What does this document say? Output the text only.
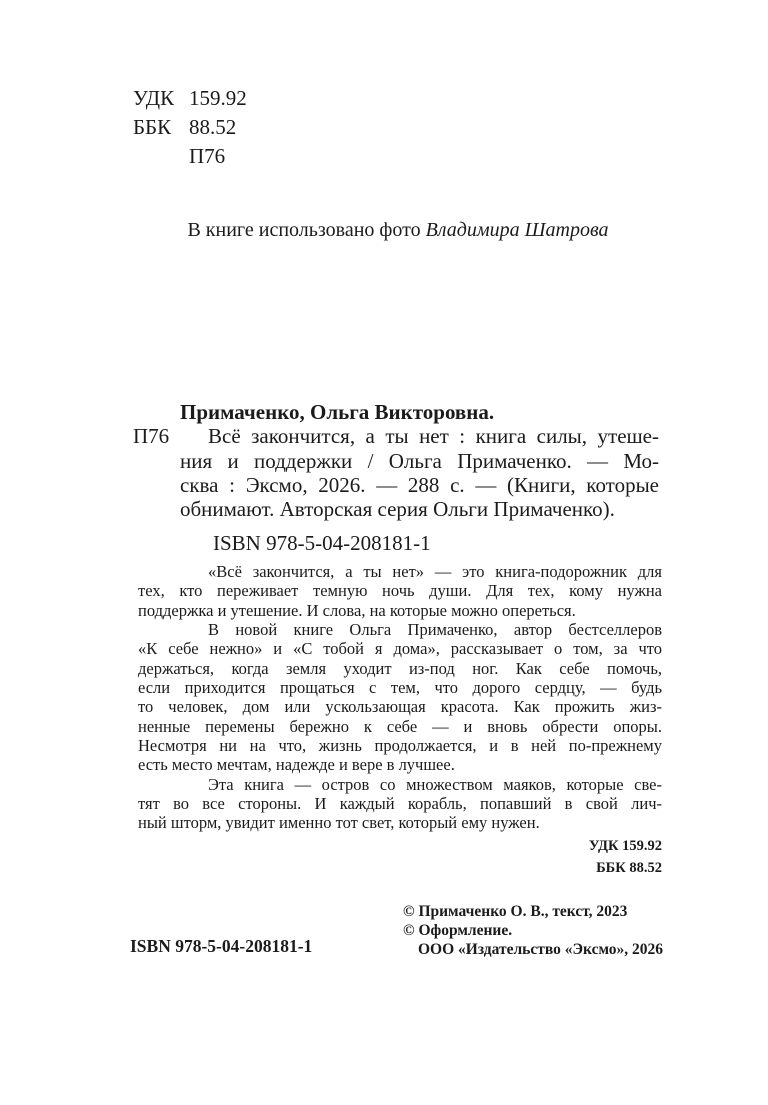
УДК 159.92
ББК 88.52
П76
В книге использовано фото Владимира Шатрова
Примаченко, Ольга Викторовна.
П76	Всё закончится, а ты нет : книга силы, утеше-
ния и поддержки / Ольга Примаченко. — Мо-
сква : Эксмо, 2026. — 288 с. — (Книги, которые
обнимают. Авторская серия Ольги Примаченко).
ISBN 978-5-04-208181-1
«Всё закончится, а ты нет» — это книга-подорожник для
тех, кто переживает темную ночь души. Для тех, кому нужна
поддержка и утешение. И слова, на которые можно опереться.
В новой книге Ольга Примаченко, автор бестселлеров
«К себе нежно» и «С тобой я дома», рассказывает о том, за что
держаться, когда земля уходит из-под ног. Как себе помочь,
если приходится прощаться с тем, что дорого сердцу, — будь
то человек, дом или ускользающая красота. Как прожить жиз-
ненные перемены бережно к себе — и вновь обрести опоры.
Несмотря ни на что, жизнь продолжается, и в ней по-прежнему
есть место мечтам, надежде и вере в лучшее.
Эта книга — остров со множеством маяков, которые све-
тят во все стороны. И каждый корабль, попавший в свой лич-
ный шторм, увидит именно тот свет, который ему нужен.
УДК 159.92
ББК 88.52
ISBN 978-5-04-208181-1
© Примаченко О. В., текст, 2023
© Оформление.
ООО «Издательство «Эксмо», 2026
